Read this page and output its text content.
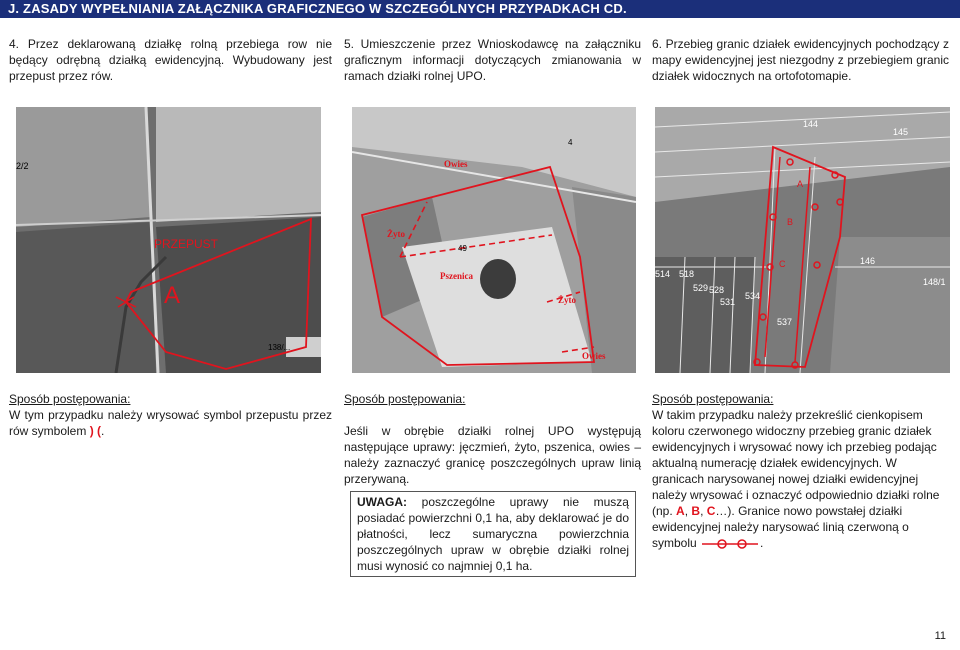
J. ZASADY WYPEŁNIANIA ZAŁĄCZNIKA GRAFICZNEGO W SZCZEGÓLNYCH PRZYPADKACH CD.
4. Przez deklarowaną działkę rolną przebiega row nie będący odrębną działką ewidencyjną. Wybudowany jest przepust przez rów.
5. Umieszczenie przez Wnioskodawcę na załączniku graficznym informacji dotyczących zmianowania w ramach działki rolnej UPO.
6. Przebieg granic działek ewidencyjnych pochodzący z mapy ewidencyjnej jest niezgodny z przebiegiem granic działek widocznych na ortofotomapie.
PRZEPUST
A
2/2
138/...
Owies
Żyto
Pszenica
49
Żyto
Owies
4
144
145
146
148/1
514 518
529 528
531
534
537
A
B
C
Sposób postępowania:
W tym przypadku należy wrysować symbol przepustu przez rów symbolem ) (.
Sposób postępowania:
Jeśli w obrębie działki rolnej UPO występują następujące uprawy: jęczmień, żyto, pszenica, owies – należy zaznaczyć granicę poszczególnych upraw linią przerywaną.
UWAGA: poszczególne uprawy nie muszą posiadać powierzchni 0,1 ha, aby deklarować je do płatności, lecz sumaryczna powierzchnia poszczególnych upraw w obrębie działki rolnej musi wynosić co najmniej 0,1 ha.
Sposób postępowania:
W takim przypadku należy przekreślić cienkopisem koloru czerwonego widoczny przebieg granic działek ewidencyjnych i wrysować nowy ich przebieg podając aktualną numerację działek ewidencyjnych. W granicach narysowanej nowej działki ewidencyjnej należy wrysować i oznaczyć odpowiednio działki rolne (np. A, B, C…). Granice nowo powstałej działki ewidencyjnej należy narysować linią czerwoną o symbolu	.
11
